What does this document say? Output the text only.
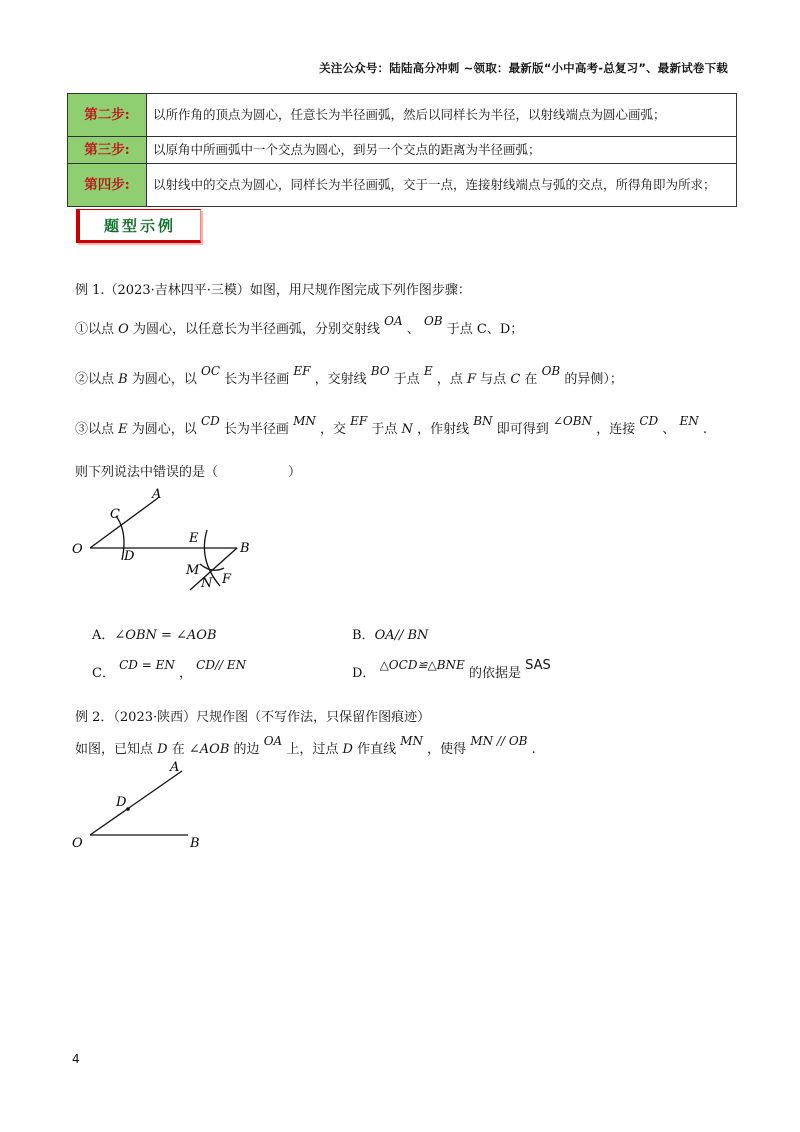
关注公众号：陆陆高分冲刺 ~领取：最新版“小中高考-总复习”、最新试卷下载
第二步:	以所作角的顶点为圆心，任意长为半径画弧，然后以同样长为半径，以射线端点为圆心画弧；
第三步:	以原角中所画弧中一个交点为圆心，到另一个交点的距离为半径画弧；
第四步:	以射线中的交点为圆心，同样长为半径画弧，交于一点，连接射线端点与弧的交点，所得角即为所求；
题型示例
例 1.（2023·吉林四平·三模）如图，用尺规作图完成下列作图步骤：
①以点 O 为圆心，以任意长为半径画弧，分别交射线 OA 、 OB 于点 C、D；
②以点 B 为圆心，以 OC 长为半径画 EF ，交射线 BO 于点 E ，点 F 与点 C 在 OB 的异侧）；
③以点 E 为圆心，以 CD 长为半径画 MN ，交 EF 于点 N ，作射线 BN 即可得到 ∠OBN ，连接 CD 、 EN .
则下列说法中错误的是（	）
O
A
C
D
E
B
M
N F
A．∠OBN = ∠AOB	B．OA// BN
C． CD = EN ， CD// EN
D． △OCD≌△BNE 的依据是 SAS
例 2．（2023·陕西）尺规作图（不写作法，只保留作图痕迹）
如图，已知点 D 在 ∠AOB 的边 OA 上，过点 D 作直线 MN ，使得 MN // OB .
A
D
O	B
4
